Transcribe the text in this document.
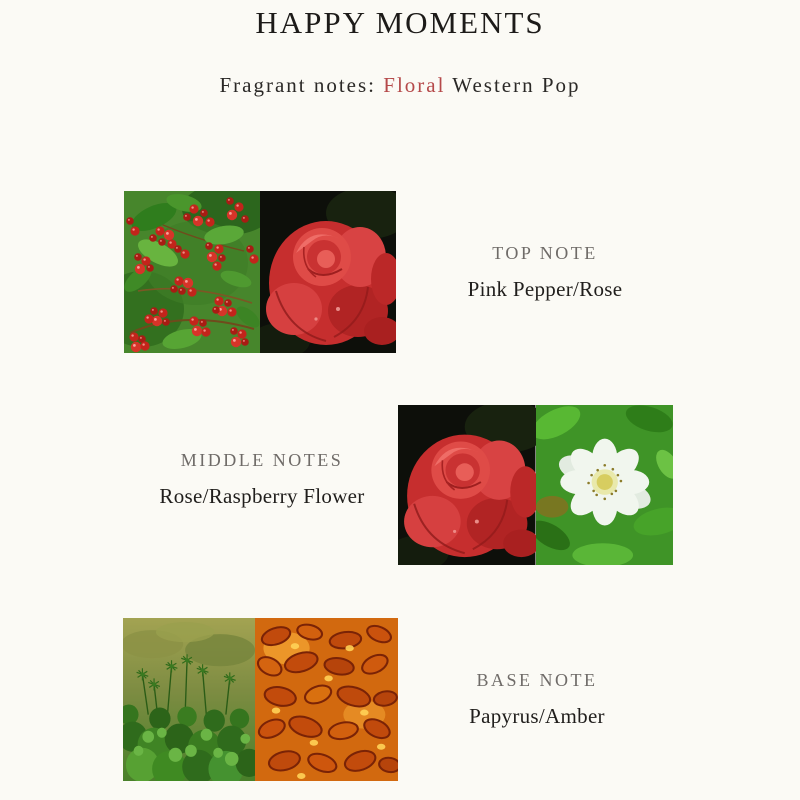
HAPPY MOMENTS

Fragrant notes: Floral Western Pop

TOP NOTE

Pink Pepper/Rose

MIDDLE NOTES

Rose/Raspberry Flower

BASE NOTE

Papyrus/Amber
